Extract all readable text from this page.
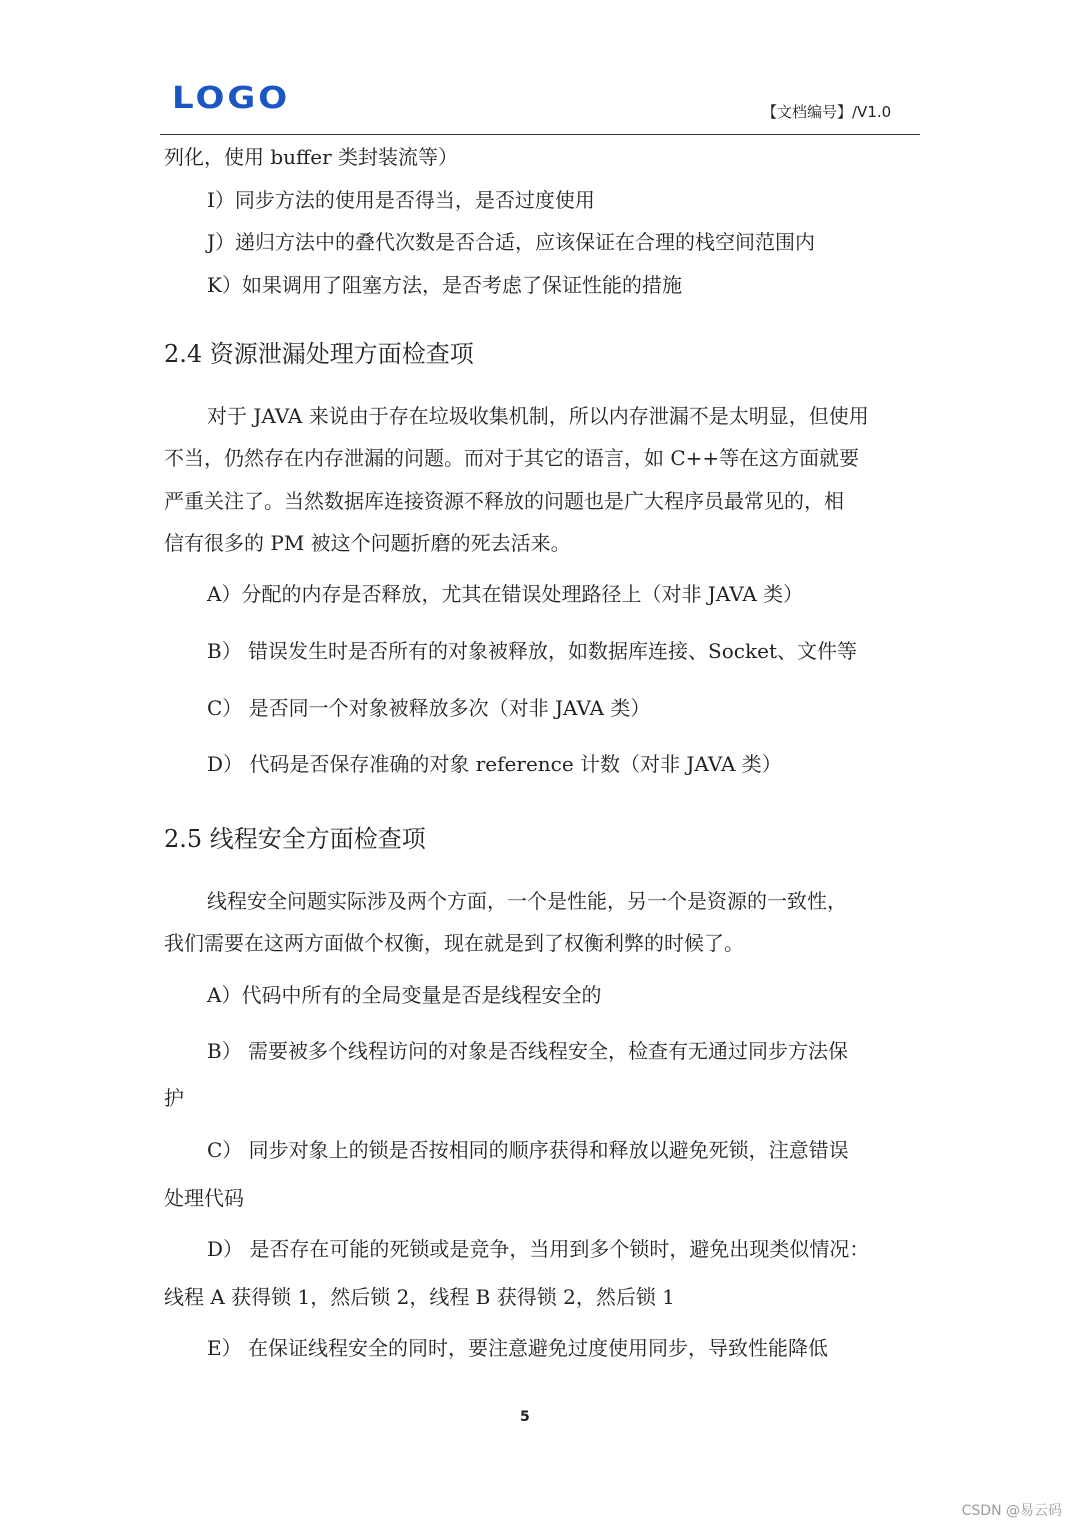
LOGO	【文档编号】/V1.0
列化，使用 buffer 类封装流等）
I）同步方法的使用是否得当，是否过度使用
J）递归方法中的叠代次数是否合适，应该保证在合理的栈空间范围内
K）如果调用了阻塞方法，是否考虑了保证性能的措施
2.4 资源泄漏处理方面检查项
对于 JAVA 来说由于存在垃圾收集机制，所以内存泄漏不是太明显，但使用
不当，仍然存在内存泄漏的问题。而对于其它的语言，如 C++等在这方面就要
严重关注了。当然数据库连接资源不释放的问题也是广大程序员最常见的，相
信有很多的 PM 被这个问题折磨的死去活来。
A）分配的内存是否释放，尤其在错误处理路径上（对非 JAVA 类）
B） 错误发生时是否所有的对象被释放，如数据库连接、Socket、文件等
C） 是否同一个对象被释放多次（对非 JAVA 类）
D） 代码是否保存准确的对象 reference 计数（对非 JAVA 类）
2.5 线程安全方面检查项
线程安全问题实际涉及两个方面，一个是性能，另一个是资源的一致性，
我们需要在这两方面做个权衡，现在就是到了权衡利弊的时候了。
A）代码中所有的全局变量是否是线程安全的
B） 需要被多个线程访问的对象是否线程安全，检查有无通过同步方法保
护
C） 同步对象上的锁是否按相同的顺序获得和释放以避免死锁，注意错误
处理代码
D） 是否存在可能的死锁或是竞争，当用到多个锁时，避免出现类似情况：
线程 A 获得锁 1，然后锁 2，线程 B 获得锁 2，然后锁 1
E） 在保证线程安全的同时，要注意避免过度使用同步，导致性能降低
5
CSDN @易云码
